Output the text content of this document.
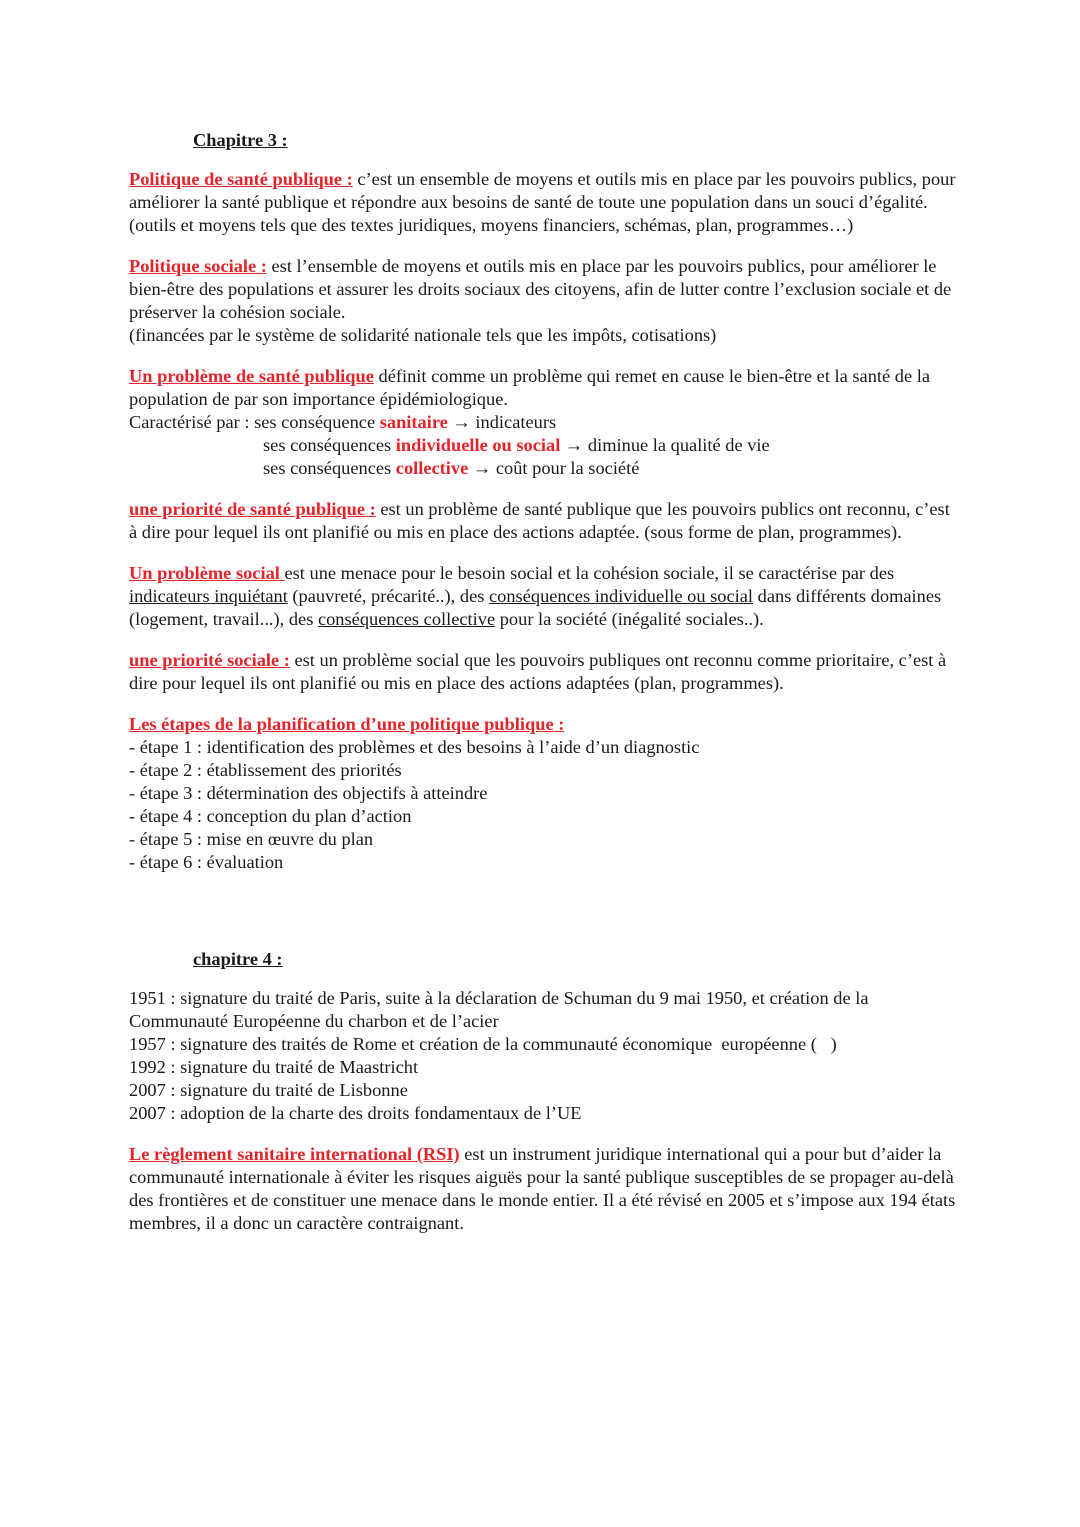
Chapitre 3 :
Politique de santé publique : c’est un ensemble de moyens et outils mis en place par les pouvoirs publics, pour améliorer la santé publique et répondre aux besoins de santé de toute une population dans un souci d’égalité.
(outils et moyens tels que des textes juridiques, moyens financiers, schémas, plan, programmes…)
Politique sociale : est l’ensemble de moyens et outils mis en place par les pouvoirs publics, pour améliorer le bien-être des populations et assurer les droits sociaux des citoyens, afin de lutter contre l’exclusion sociale et de préserver la cohésion sociale.
(financées par le système de solidarité nationale tels que les impôts, cotisations)
Un problème de santé publique définit comme un problème qui remet en cause le bien-être et la santé de la population de par son importance épidémiologique.
Caractérisé par : ses conséquence sanitaire → indicateurs
ses conséquences individuelle ou social → diminue la qualité de vie
ses conséquences collective → coût pour la société
une priorité de santé publique : est un problème de santé publique que les pouvoirs publics ont reconnu, c’est à dire pour lequel ils ont planifié ou mis en place des actions adaptée. (sous forme de plan, programmes).
Un problème social est une menace pour le besoin social et la cohésion sociale, il se caractérise par des indicateurs inquiétant (pauvreté, précarité..), des conséquences individuelle ou social dans différents domaines (logement, travail...), des conséquences collective pour la société (inégalité sociales..).
une priorité sociale : est un problème social que les pouvoirs publiques ont reconnu comme prioritaire, c’est à dire pour lequel ils ont planifié ou mis en place des actions adaptées (plan, programmes).
Les étapes de la planification d’une politique publique :
- étape 1 : identification des problèmes et des besoins à l’aide d’un diagnostic
- étape 2 : établissement des priorités
- étape 3 : détermination des objectifs à atteindre
- étape 4 : conception du plan d’action
- étape 5 : mise en œuvre du plan
- étape 6 : évaluation
chapitre 4 :
1951 : signature du traité de Paris, suite à la déclaration de Schuman du 9 mai 1950, et création de la Communauté Européenne du charbon et de l’acier
1957 : signature des traités de Rome et création de la communauté économique  européenne (   )
1992 : signature du traité de Maastricht
2007 : signature du traité de Lisbonne
2007 : adoption de la charte des droits fondamentaux de l’UE
Le règlement sanitaire international (RSI) est un instrument juridique international qui a pour but d’aider la communauté internationale à éviter les risques aiguës pour la santé publique susceptibles de se propager au-delà des frontières et de constituer une menace dans le monde entier. Il a été révisé en 2005 et s’impose aux 194 états membres, il a donc un caractère contraignant.
